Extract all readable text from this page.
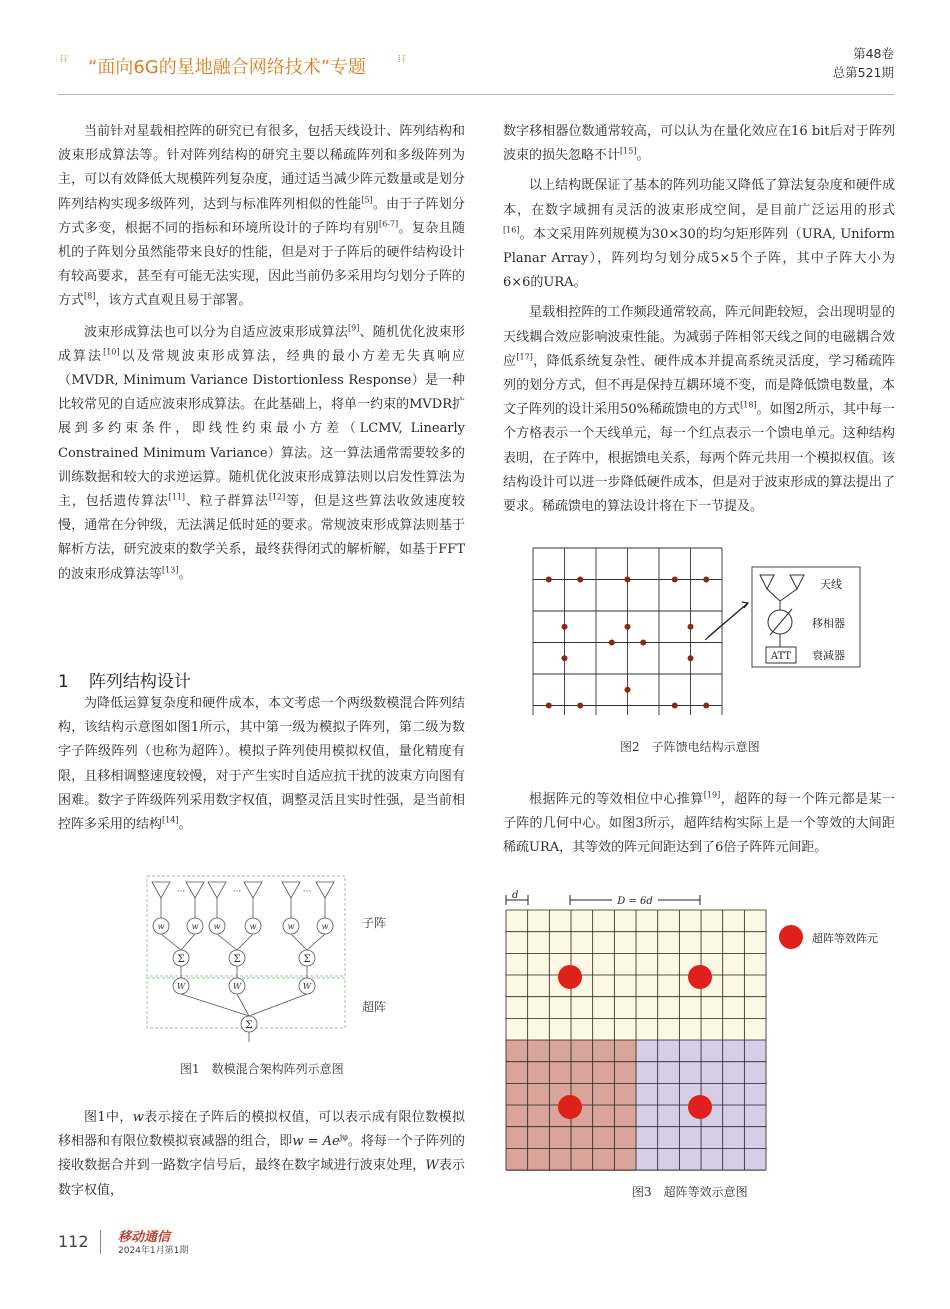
⁞⁞ “面向6G的星地融合网络技术”专题	⁞⁞	第48卷
总第521期

当前针对星载相控阵的研究已有很多，包括天线设计、阵列结构和波束形成算法等。针对阵列结构的研究主要以稀疏阵列和多级阵列为主，可以有效降低大规模阵列复杂度，通过适当减少阵元数量或是划分阵列结构实现多级阵列，达到与标准阵列相似的性能[5]。由于子阵划分方式多变，根据不同的指标和环境所设计的子阵均有别[6-7]。复杂且随机的子阵划分虽然能带来良好的性能，但是对于子阵后的硬件结构设计有较高要求，甚至有可能无法实现，因此当前仍多采用均匀划分子阵的方式[8]，该方式直观且易于部署。

波束形成算法也可以分为自适应波束形成算法[9]、随机优化波束形成算法[10]以及常规波束形成算法，经典的最小方差无失真响应（MVDR, Minimum Variance Distortionless Response）是一种比较常见的自适应波束形成算法。在此基础上，将单一约束的MVDR扩展到多约束条件，即线性约束最小方差（LCMV, Linearly Constrained Minimum Variance）算法。这一算法通常需要较多的训练数据和较大的求逆运算。随机优化波束形成算法则以启发性算法为主，包括遗传算法[11]、粒子群算法[12]等，但是这些算法收敛速度较慢，通常在分钟级，无法满足低时延的要求。常规波束形成算法则基于解析方法，研究波束的数学关系，最终获得闭式的解析解，如基于FFT的波束形成算法等[13]。

1 阵列结构设计

为降低运算复杂度和硬件成本，本文考虑一个两级数模混合阵列结构，该结构示意图如图1所示，其中第一级为模拟子阵列，第二级为数字子阵级阵列（也称为超阵）。模拟子阵列使用模拟权值，量化精度有限，且移相调整速度较慢，对于产生实时自适应抗干扰的波束方向图有困难。数字子阵级阵列采用数字权值，调整灵活且实时性强，是当前相控阵多采用的结构[14]。

w	w
···
Σ
W
w	w
···
Σ
W
w	w
···
Σ
W
Σ
子阵
超阵
图1　数模混合架构阵列示意图

图1中，w表示接在子阵后的模拟权值，可以表示成有限位数模拟移相器和有限位数模拟衰减器的组合，即$w = Ae^{j\varphi}$。将每一个子阵列的接收数据合并到一路数字信号后，最终在数字域进行波束处理，W表示数字权值，

数字移相器位数通常较高，可以认为在量化效应在16 bit后对于阵列波束的损失忽略不计[15]。

以上结构既保证了基本的阵列功能又降低了算法复杂度和硬件成本，在数字域拥有灵活的波束形成空间，是目前广泛运用的形式[16]。本文采用阵列规模为30×30的均匀矩形阵列（URA, Uniform Planar Array），阵列均匀划分成5×5个子阵，其中子阵大小为6×6的URA。

星载相控阵的工作频段通常较高，阵元间距较短，会出现明显的天线耦合效应影响波束性能。为减弱子阵相邻天线之间的电磁耦合效应[17]，降低系统复杂性、硬件成本并提高系统灵活度，学习稀疏阵列的划分方式，但不再是保持互耦环境不变，而是降低馈电数量，本文子阵列的设计采用50%稀疏馈电的方式[18]。如图2所示，其中每一个方格表示一个天线单元，每一个红点表示一个馈电单元。这种结构表明，在子阵中，根据馈电关系，每两个阵元共用一个模拟权值。该结构设计可以进一步降低硬件成本，但是对于波束形成的算法提出了要求。稀疏馈电的算法设计将在下一节提及。

ATT
天线
移相器
衰减器
图2　子阵馈电结构示意图

根据阵元的等效相位中心推算[19]，超阵的每一个阵元都是某一子阵的几何中心。如图3所示，超阵结构实际上是一个等效的大间距稀疏URA，其等效的阵元间距达到了6倍子阵阵元间距。

d
D = 6d
超阵等效阵元
图3　超阵等效示意图
112 移动通信
2024年1月第1期
